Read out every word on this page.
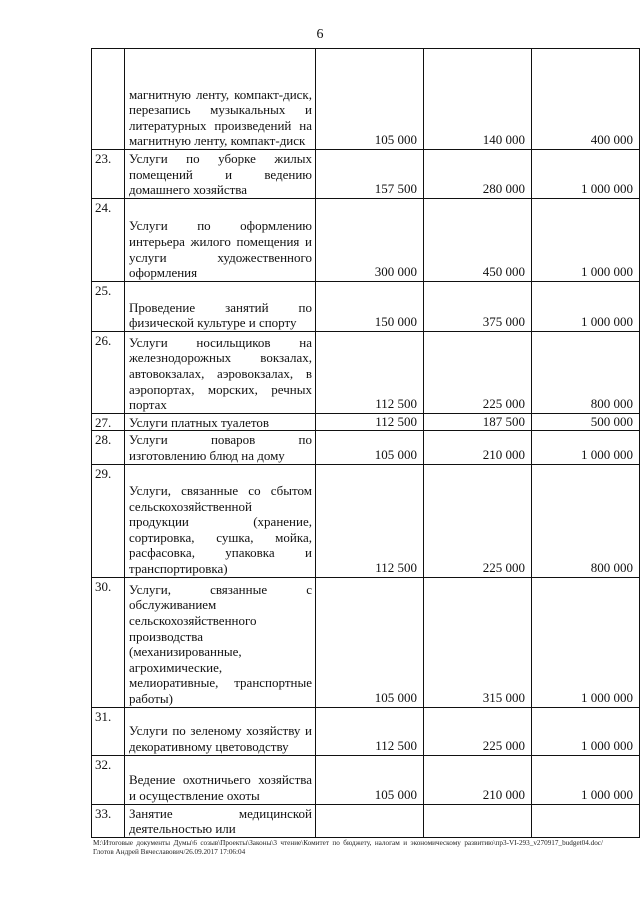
6
	магнитную ленту, компакт-диск, перезапись музыкальных и литературных произведений на магнитную ленту, компакт-диск	105 000	140 000	400 000
23.	Услуги по уборке жилых помещений и ведению домашнего хозяйства	157 500	280 000	1 000 000
24.	Услуги по оформлению интерьера жилого помещения и услуги художественного оформления	300 000	450 000	1 000 000
25.	Проведение занятий по физической культуре и спорту	150 000	375 000	1 000 000
26.	Услуги носильщиков на железнодорожных вокзалах, автовокзалах, аэровокзалах, в аэропортах, морских, речных портах	112 500	225 000	800 000
27.	Услуги платных туалетов	112 500	187 500	500 000
28.	Услуги поваров по изготовлению блюд на дому	105 000	210 000	1 000 000
29.	Услуги, связанные со сбытом сельскохозяйственной продукции (хранение, сортировка, сушка, мойка, расфасовка, упаковка и транспортировка)	112 500	225 000	800 000
30.	Услуги, связанные с обслуживанием сельскохозяйственного производства (механизированные, агрохимические, мелиоративные, транспортные работы)	105 000	315 000	1 000 000
31.	Услуги по зеленому хозяйству и декоративному цветоводству	112 500	225 000	1 000 000
32.	Ведение охотничьего хозяйства и осуществление охоты	105 000	210 000	1 000 000
33.	Занятие медицинской деятельностью или			
M:\Итоговые документы Думы\6 созыв\Проекты\Законы\3 чтение\Комитет по бюджету, налогам и экономическому развитию\пр3-VI-293_v270917_budget04.doc/Глотов Андрей Вячеславович/26.09.2017 17:06:04
